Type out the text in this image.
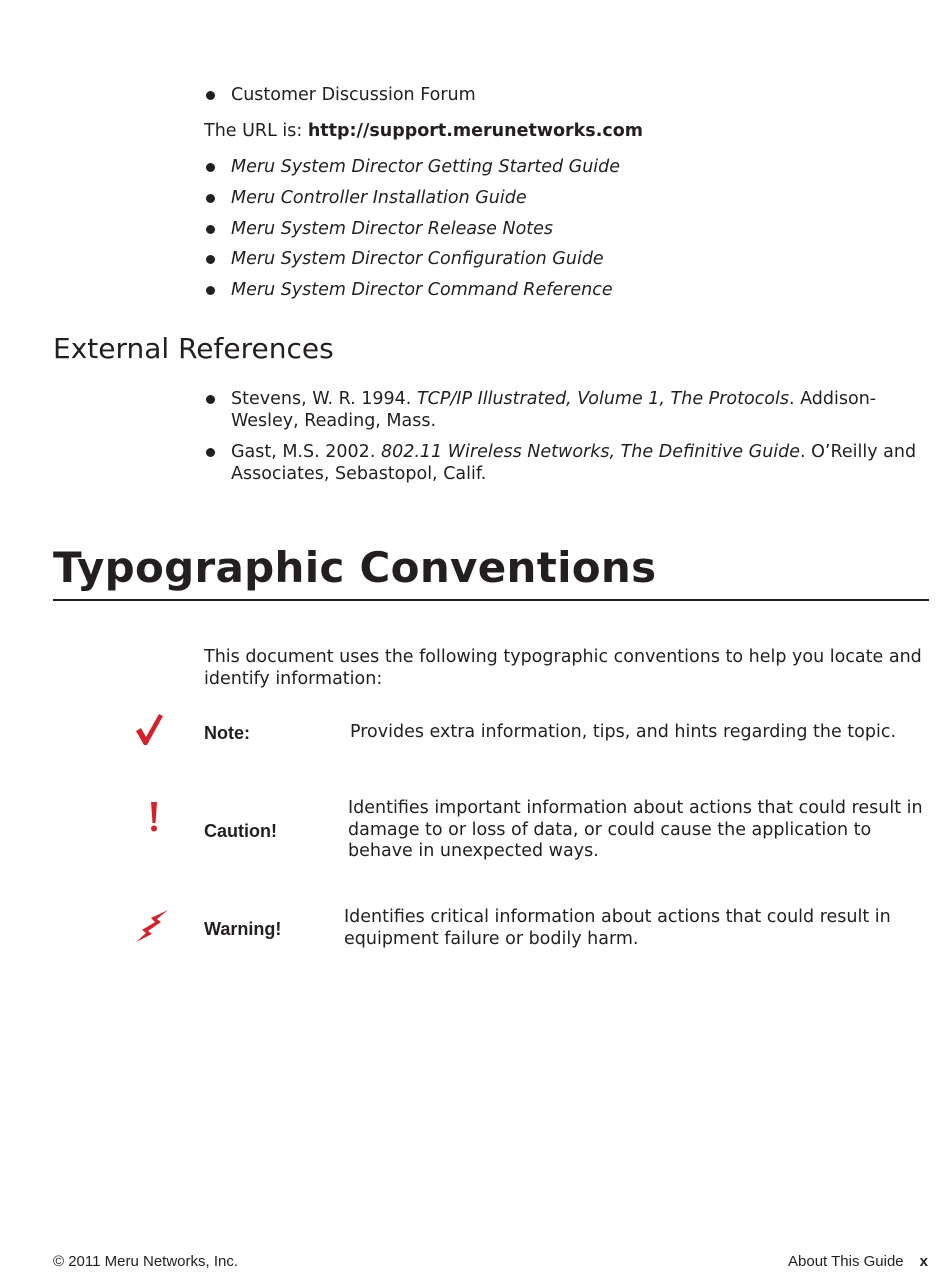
Customer Discussion Forum
The URL is: http://support.merunetworks.com
Meru System Director Getting Started Guide
Meru Controller Installation Guide
Meru System Director Release Notes
Meru System Director Configuration Guide
Meru System Director Command Reference
External References
Stevens, W. R. 1994. TCP/IP Illustrated, Volume 1, The Protocols. Addison-Wesley, Reading, Mass.
Gast, M.S. 2002. 802.11 Wireless Networks, The Definitive Guide. O’Reilly and Associates, Sebastopol, Calif.
Typographic Conventions
This document uses the following typographic conventions to help you locate and identify information:
Note:	Provides extra information, tips, and hints regarding the topic.
Caution!
Identifies important information about actions that could result in damage to or loss of data, or could cause the application to behave in unexpected ways.
Warning!
Identifies critical information about actions that could result in equipment failure or bodily harm.
© 2011 Meru Networks, Inc.	About This Guide x
